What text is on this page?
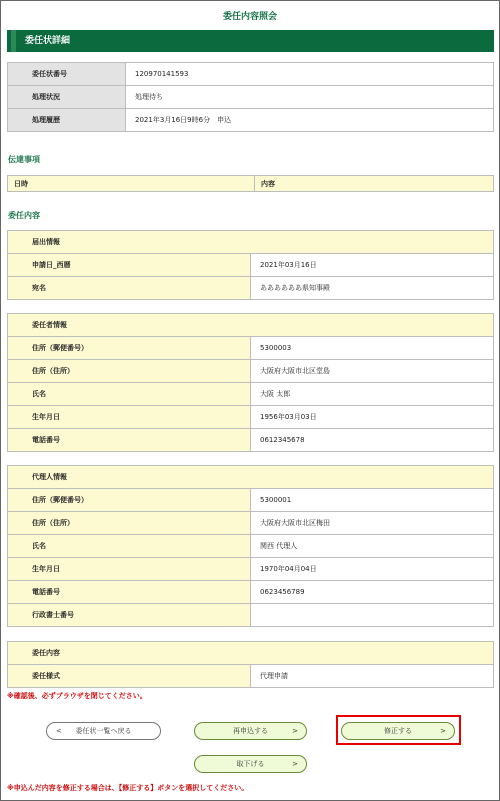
委任内容照会
委任状詳細
委任状番号	120970141593
処理状況	処理待ち
処理履歴	2021年3月16日9時6分　申込
伝達事項
日時	内容
委任内容
届出情報	
申請日_西暦	2021年03月16日
宛名	ああああああ県知事殿
委任者情報	
住所（郵便番号）	5300003
住所（住所）	大阪府大阪市北区堂島
氏名	大阪 太郎
生年月日	1956年03月03日
電話番号	0612345678
代理人情報	
住所（郵便番号）	5300001
住所（住所）	大阪府大阪市北区梅田
氏名	関西 代理人
生年月日	1970年04月04日
電話番号	0623456789
行政書士番号	
委任内容
委任様式	代理申請
※確認後、必ずブラウザを閉じてください。
< 委任状一覧へ戻る	再申込する	>	修正する	>
取下げる	>
※申込んだ内容を修正する場合は、【修正する】ボタンを選択してください。
